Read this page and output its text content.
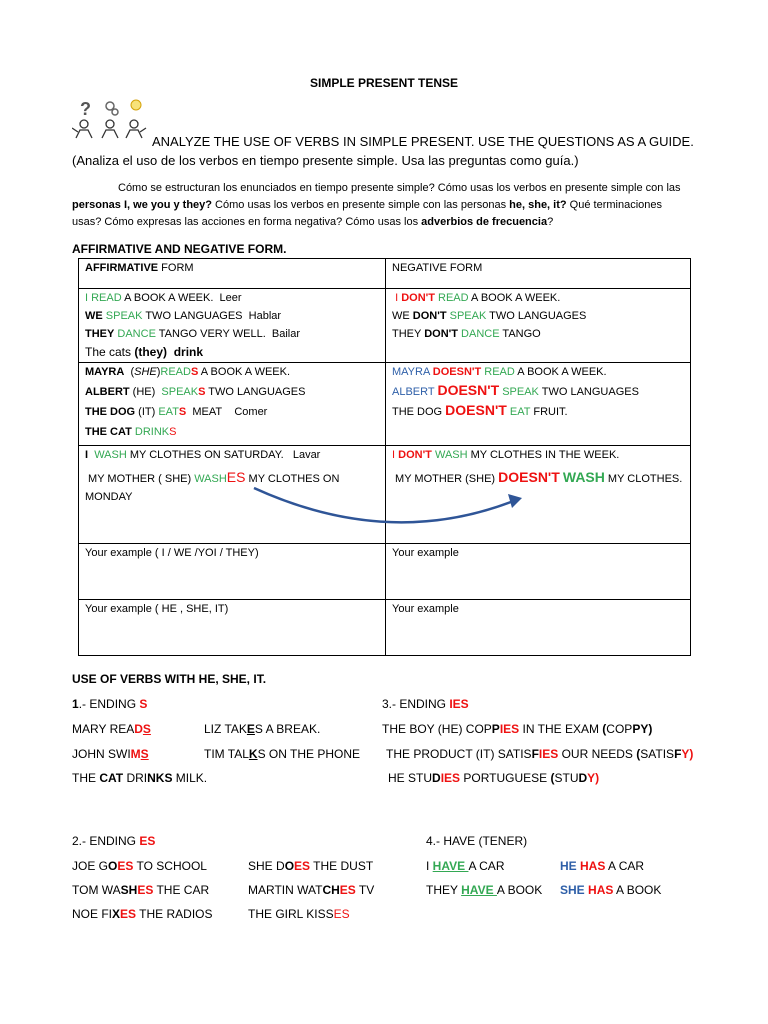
SIMPLE PRESENT TENSE
?
ANALYZE THE USE OF VERBS IN SIMPLE PRESENT. USE THE QUESTIONS AS A GUIDE. (Analiza el uso de los verbos en tiempo presente simple. Usa las preguntas como guía.)
Cómo se estructuran los enunciados en tiempo presente simple? Cómo usas los verbos en presente simple con las personas I, we you y they? Cómo usas los verbos en presente simple con las personas he, she, it? Qué terminaciones usas? Cómo expresas las acciones en forma negativa? Cómo usas los adverbios de frecuencia?
AFFIRMATIVE AND NEGATIVE FORM.
AFFIRMATIVE FORM	NEGATIVE FORM

I READ A BOOK A WEEK.  Leer
WE SPEAK TWO LANGUAGES  Hablar
THEY DANCE TANGO VERY WELL.  Bailar
The cats (they)  drink	I DON'T READ A BOOK A WEEK.
WE DON'T SPEAK TWO LANGUAGES
THEY DON'T DANCE TANGO

MAYRA  (SHE)READS A BOOK A WEEK.
ALBERT (HE)  SPEAKS TWO LANGUAGES
THE DOG (IT) EATS  MEAT    Comer
THE CAT DRINKS	MAYRA DOESN'T READ A BOOK A WEEK.
ALBERT DOESN'T SPEAK TWO LANGUAGES
THE DOG DOESN'T EAT FRUIT.

I WASH MY CLOTHES ON SATURDAY.   Lavar
MY MOTHER ( SHE) WASHES MY CLOTHES ON
MONDAY	I DON'T WASH MY CLOTHES IN THE WEEK.
MY MOTHER (SHE) DOESN'T WASH MY CLOTHES.

Your example ( I / WE /YOI / THEY)	Your example
Your example ( HE , SHE, IT)	Your example
USE OF VERBS WITH HE, SHE, IT.
1.- ENDING S
MARY READS
JOHN SWIMS
THE CAT DRINKS MILK.
LIZ TAKES A BREAK.
TIM TALKS ON THE PHONE
3.- ENDING IES
THE BOY (HE) COPPIES IN THE EXAM (COPPY)
THE PRODUCT (IT) SATISFIES OUR NEEDS (SATISFY)
HE STUDIES PORTUGUESE (STUDY)
2.- ENDING ES
JOE GOES TO SCHOOL
TOM WASHES THE CAR
NOE FIXES THE RADIOS
SHE DOES THE DUST
MARTIN WATCHES TV
THE GIRL KISSES
4.- HAVE (TENER)
I HAVE A CAR
THEY HAVE A BOOK
HE HAS A CAR
SHE HAS A BOOK
